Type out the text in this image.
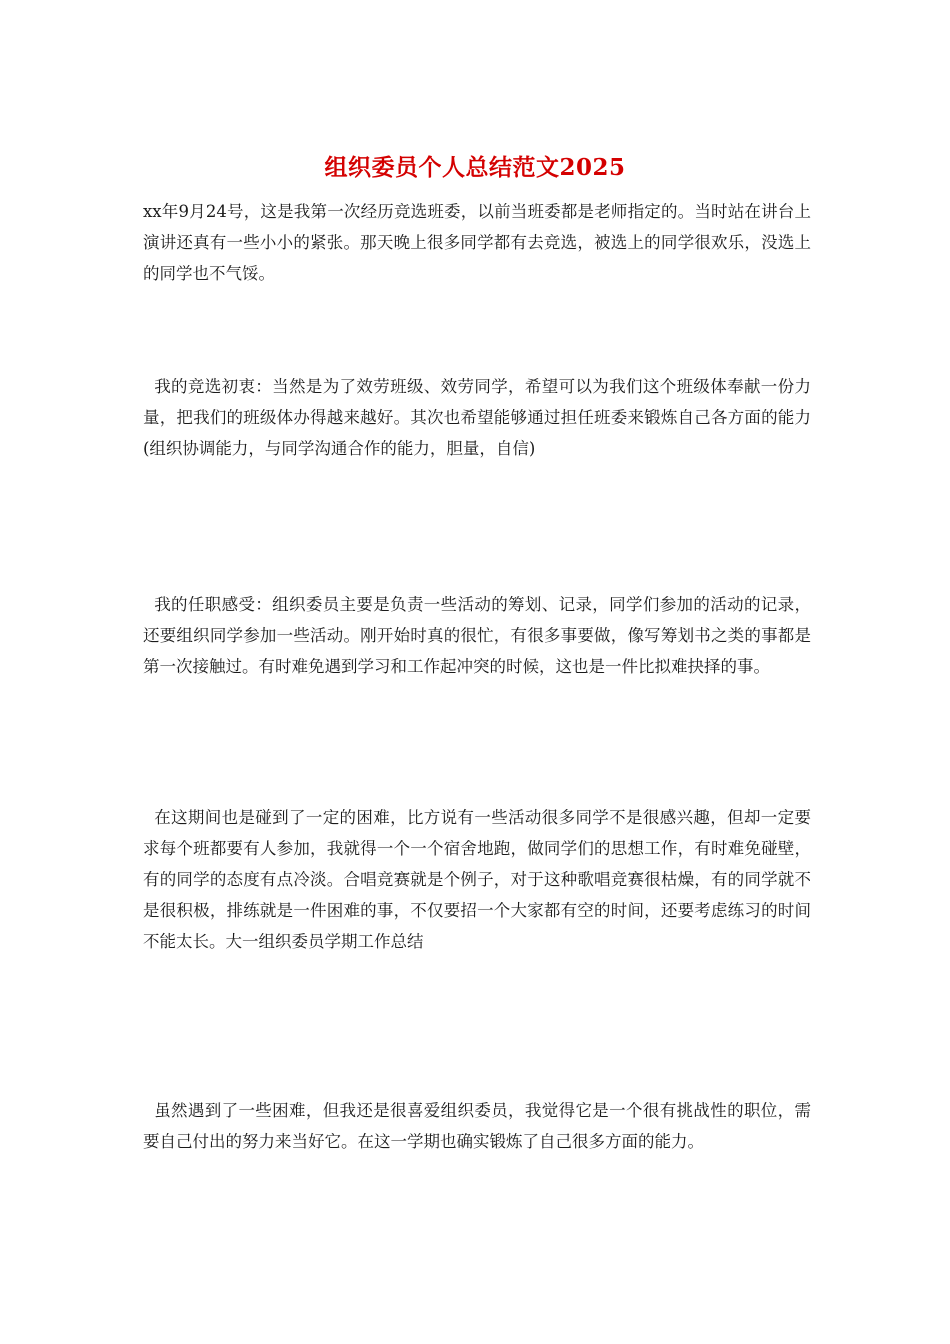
组织委员个人总结范文2025

xx年9月24号，这是我第一次经历竞选班委，以前当班委都是老师指定的。当时站在讲台上演讲还真有一些小小的紧张。那天晚上很多同学都有去竞选，被选上的同学很欢乐，没选上的同学也不气馁。

我的竞选初衷：当然是为了效劳班级、效劳同学，希望可以为我们这个班级体奉献一份力量，把我们的班级体办得越来越好。其次也希望能够通过担任班委来锻炼自己各方面的能力(组织协调能力，与同学沟通合作的能力，胆量，自信)

我的任职感受：组织委员主要是负责一些活动的筹划、记录，同学们参加的活动的记录，还要组织同学参加一些活动。刚开始时真的很忙，有很多事要做，像写筹划书之类的事都是第一次接触过。有时难免遇到学习和工作起冲突的时候，这也是一件比拟难抉择的事。

在这期间也是碰到了一定的困难，比方说有一些活动很多同学不是很感兴趣，但却一定要求每个班都要有人参加，我就得一个一个宿舍地跑，做同学们的思想工作，有时难免碰壁，有的同学的态度有点冷淡。合唱竞赛就是个例子，对于这种歌唱竞赛很枯燥，有的同学就不是很积极，排练就是一件困难的事，不仅要招一个大家都有空的时间，还要考虑练习的时间不能太长。大一组织委员学期工作总结

虽然遇到了一些困难，但我还是很喜爱组织委员，我觉得它是一个很有挑战性的职位，需要自己付出的努力来当好它。在这一学期也确实锻炼了自己很多方面的能力。
